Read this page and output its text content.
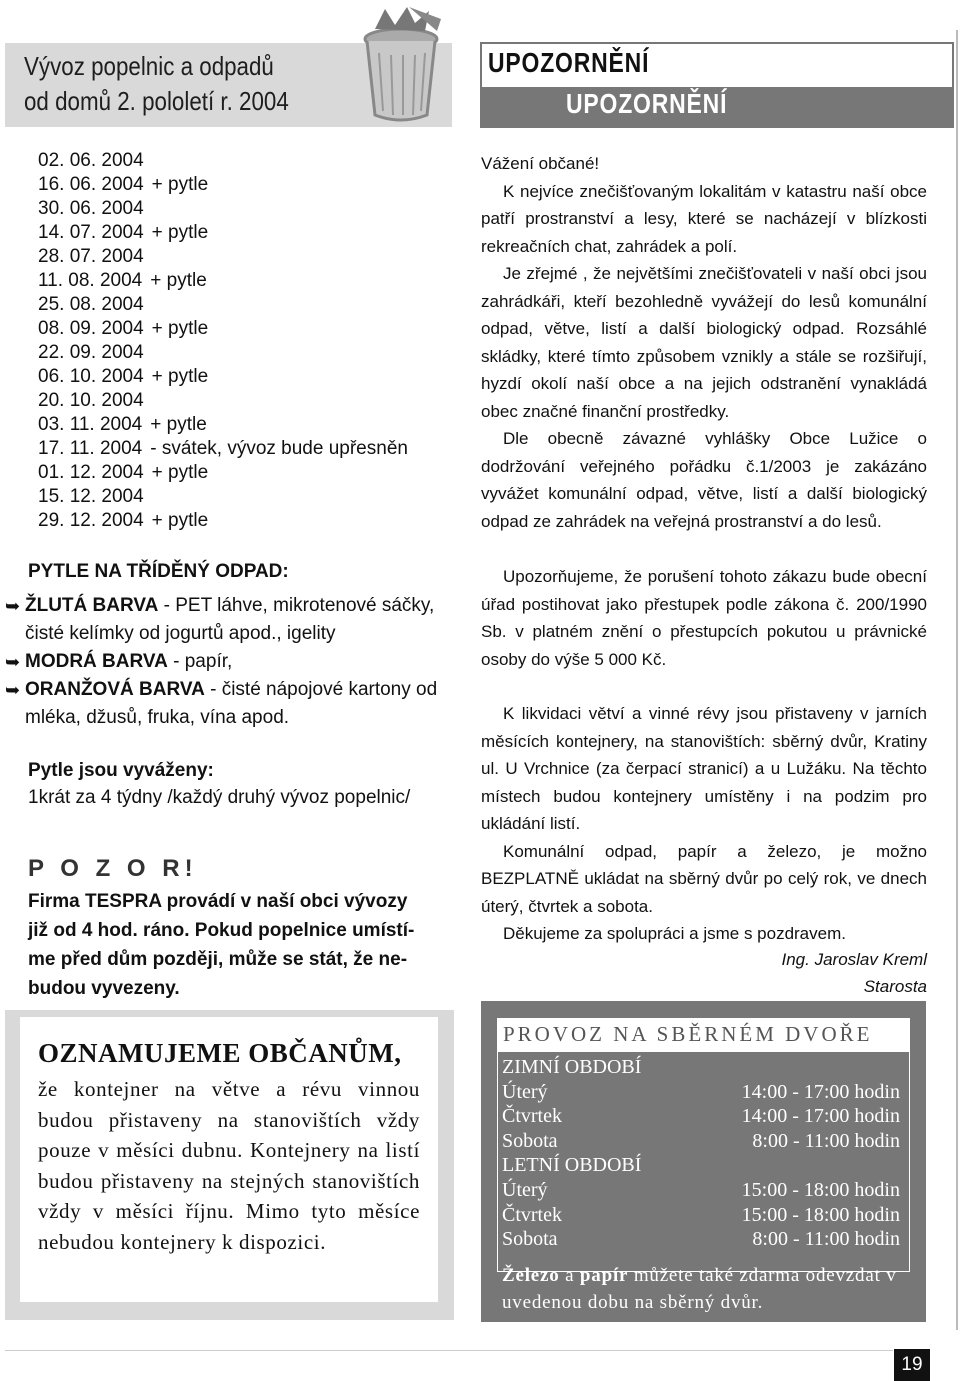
Vývoz popelnic a odpadů
od domů 2. pololetí r. 2004
02. 06. 2004
16. 06. 2004 + pytle
30. 06. 2004
14. 07. 2004 + pytle
28. 07. 2004
11. 08. 2004 + pytle
25. 08. 2004
08. 09. 2004 + pytle
22. 09. 2004
06. 10. 2004 + pytle
20. 10. 2004
03. 11. 2004 + pytle
17. 11. 2004 - svátek, vývoz bude upřesněn
01. 12. 2004 + pytle
15. 12. 2004
29. 12. 2004 + pytle
PYTLE NA TŘÍDĚNÝ ODPAD:
➥ ŽLUTÁ BARVA - PET láhve, mikrotenové sáčky, čisté kelímky od jogurtů apod., igelity
➥ MODRÁ BARVA - papír,
➥ ORANŽOVÁ BARVA - čisté nápojové kartony od mléka, džusů, fruka, vína apod.
Pytle jsou vyváženy:
1krát za 4 týdny /každý druhý vývoz popelnic/
P O Z O R!
Firma TESPRA provádí v naší obci vývozy
již od 4 hod. ráno. Pokud popelnice umístí-
me před dům později, může se stát, že ne-
budou vyvezeny.
OZNAMUJEME OBČANŮM,
že kontejner na větve a révu vinnou budou přistaveny na stanovištích vždy pouze v měsíci dubnu. Kontejnery na listí budou přistaveny na stejných stanovištích vždy v měsíci říjnu. Mimo tyto měsíce nebudou kontejnery k dispozici.
UPOZORNĚNÍ
UPOZORNĚNÍ

Vážení občané!

K nejvíce znečišťovaným lokalitám v katastru naší obce patří prostranství a lesy, které se nacházejí v blízkosti rekreačních chat, zahrádek a polí.

Je zřejmé , že největšími znečišťovateli v naší obci jsou zahrádkáři, kteří bezohledně vyvážejí do lesů komunální odpad, větve, listí a další biologický odpad. Rozsáhlé skládky, které tímto způsobem vznikly a stále se rozšiřují, hyzdí okolí naší obce a na jejich odstranění vynakládá obec značné finanční prostředky.

Dle obecně závazné vyhlášky Obce Lužice o dodržování veřejného pořádku č.1/2003 je zakázáno vyvážet komunální odpad, větve, listí a další biologický odpad ze zahrádek na veřejná prostranství a do lesů.

Upozorňujeme, že porušení tohoto zákazu bude obecní úřad postihovat jako přestupek podle zákona č. 200/1990 Sb. v platném znění o přestupcích pokutou u právnické osoby do výše 5 000 Kč.

K likvidaci větví a vinné révy jsou přistaveny v jarních měsících kontejnery, na stanovištích: sběrný dvůr, Kratiny ul. U Vrchnice (za čerpací stranicí) a u Lužáku. Na těchto místech budou kontejnery umístěny i na podzim pro ukládání listí.

Komunální odpad, papír a železo, je možno BEZPLATNĚ ukládat na sběrný dvůr po celý rok, ve dnech úterý, čtvrtek a sobota.

Děkujeme za spolupráci a jsme s pozdravem.

Ing. Jaroslav Kreml
Starosta
PROVOZ NA SBĚRNÉM DVOŘE
ZIMNÍ OBDOBÍ
Úterý	14:00 - 17:00 hodin
Čtvrtek	14:00 - 17:00 hodin
Sobota	8:00 - 11:00 hodin
LETNÍ OBDOBÍ
Úterý	15:00 - 18:00 hodin
Čtvrtek	15:00 - 18:00 hodin
Sobota	8:00 - 11:00 hodin
Železo a papír můžete také zdarma odevzdat v uvedenou dobu na sběrný dvůr.
19
